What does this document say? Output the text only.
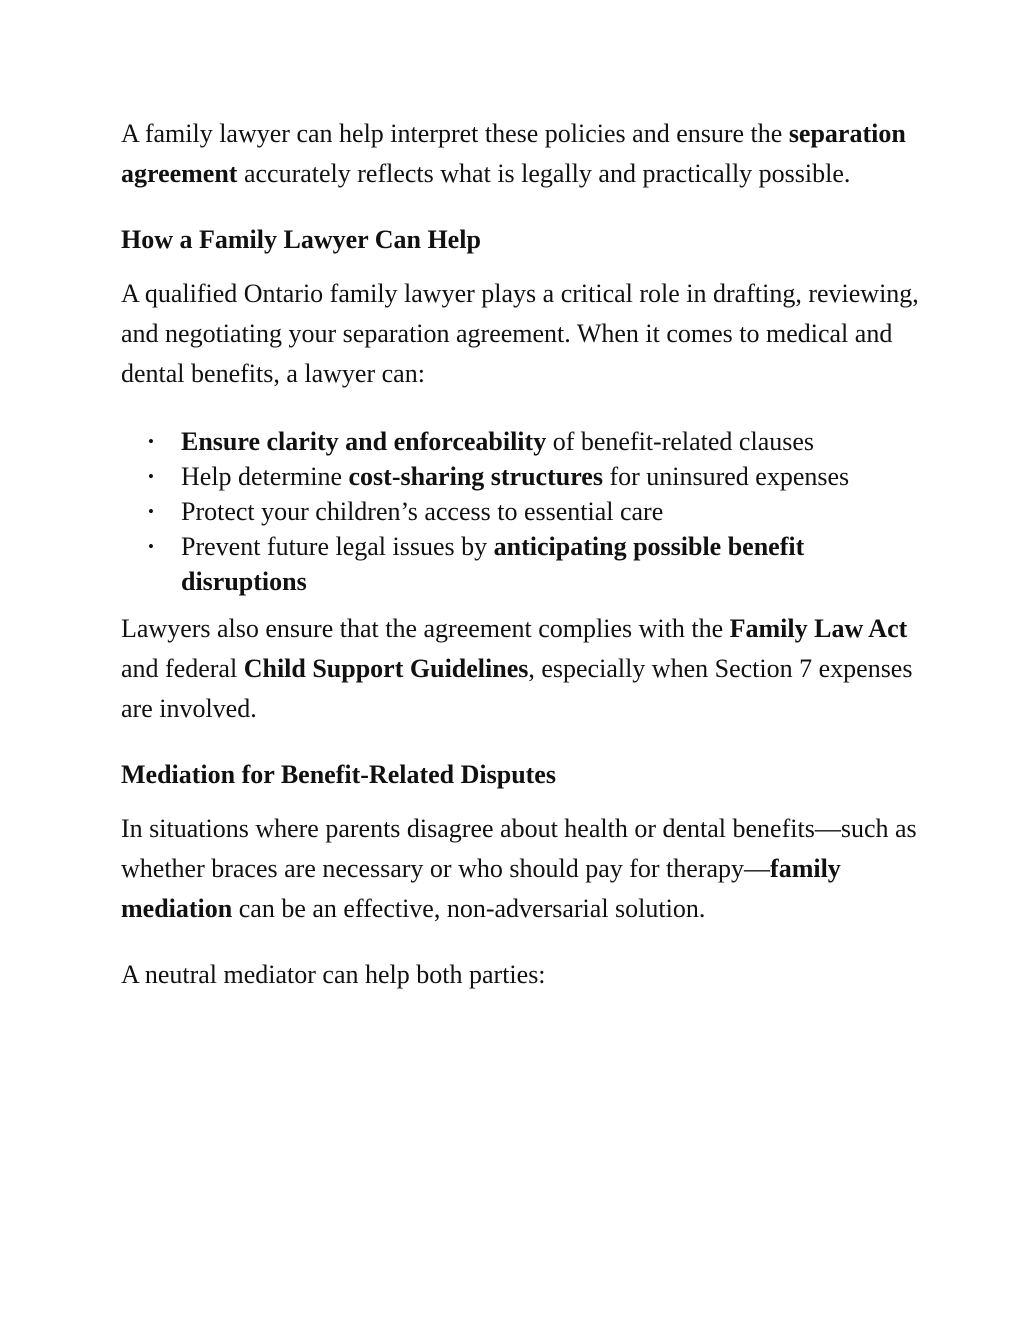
A family lawyer can help interpret these policies and ensure the separation agreement accurately reflects what is legally and practically possible.

How a Family Lawyer Can Help

A qualified Ontario family lawyer plays a critical role in drafting, reviewing, and negotiating your separation agreement. When it comes to medical and dental benefits, a lawyer can:

• Ensure clarity and enforceability of benefit-related clauses
• Help determine cost-sharing structures for uninsured expenses
• Protect your children’s access to essential care
• Prevent future legal issues by anticipating possible benefit disruptions

Lawyers also ensure that the agreement complies with the Family Law Act and federal Child Support Guidelines, especially when Section 7 expenses are involved.

Mediation for Benefit-Related Disputes

In situations where parents disagree about health or dental benefits—such as whether braces are necessary or who should pay for therapy—family mediation can be an effective, non-adversarial solution.

A neutral mediator can help both parties:
